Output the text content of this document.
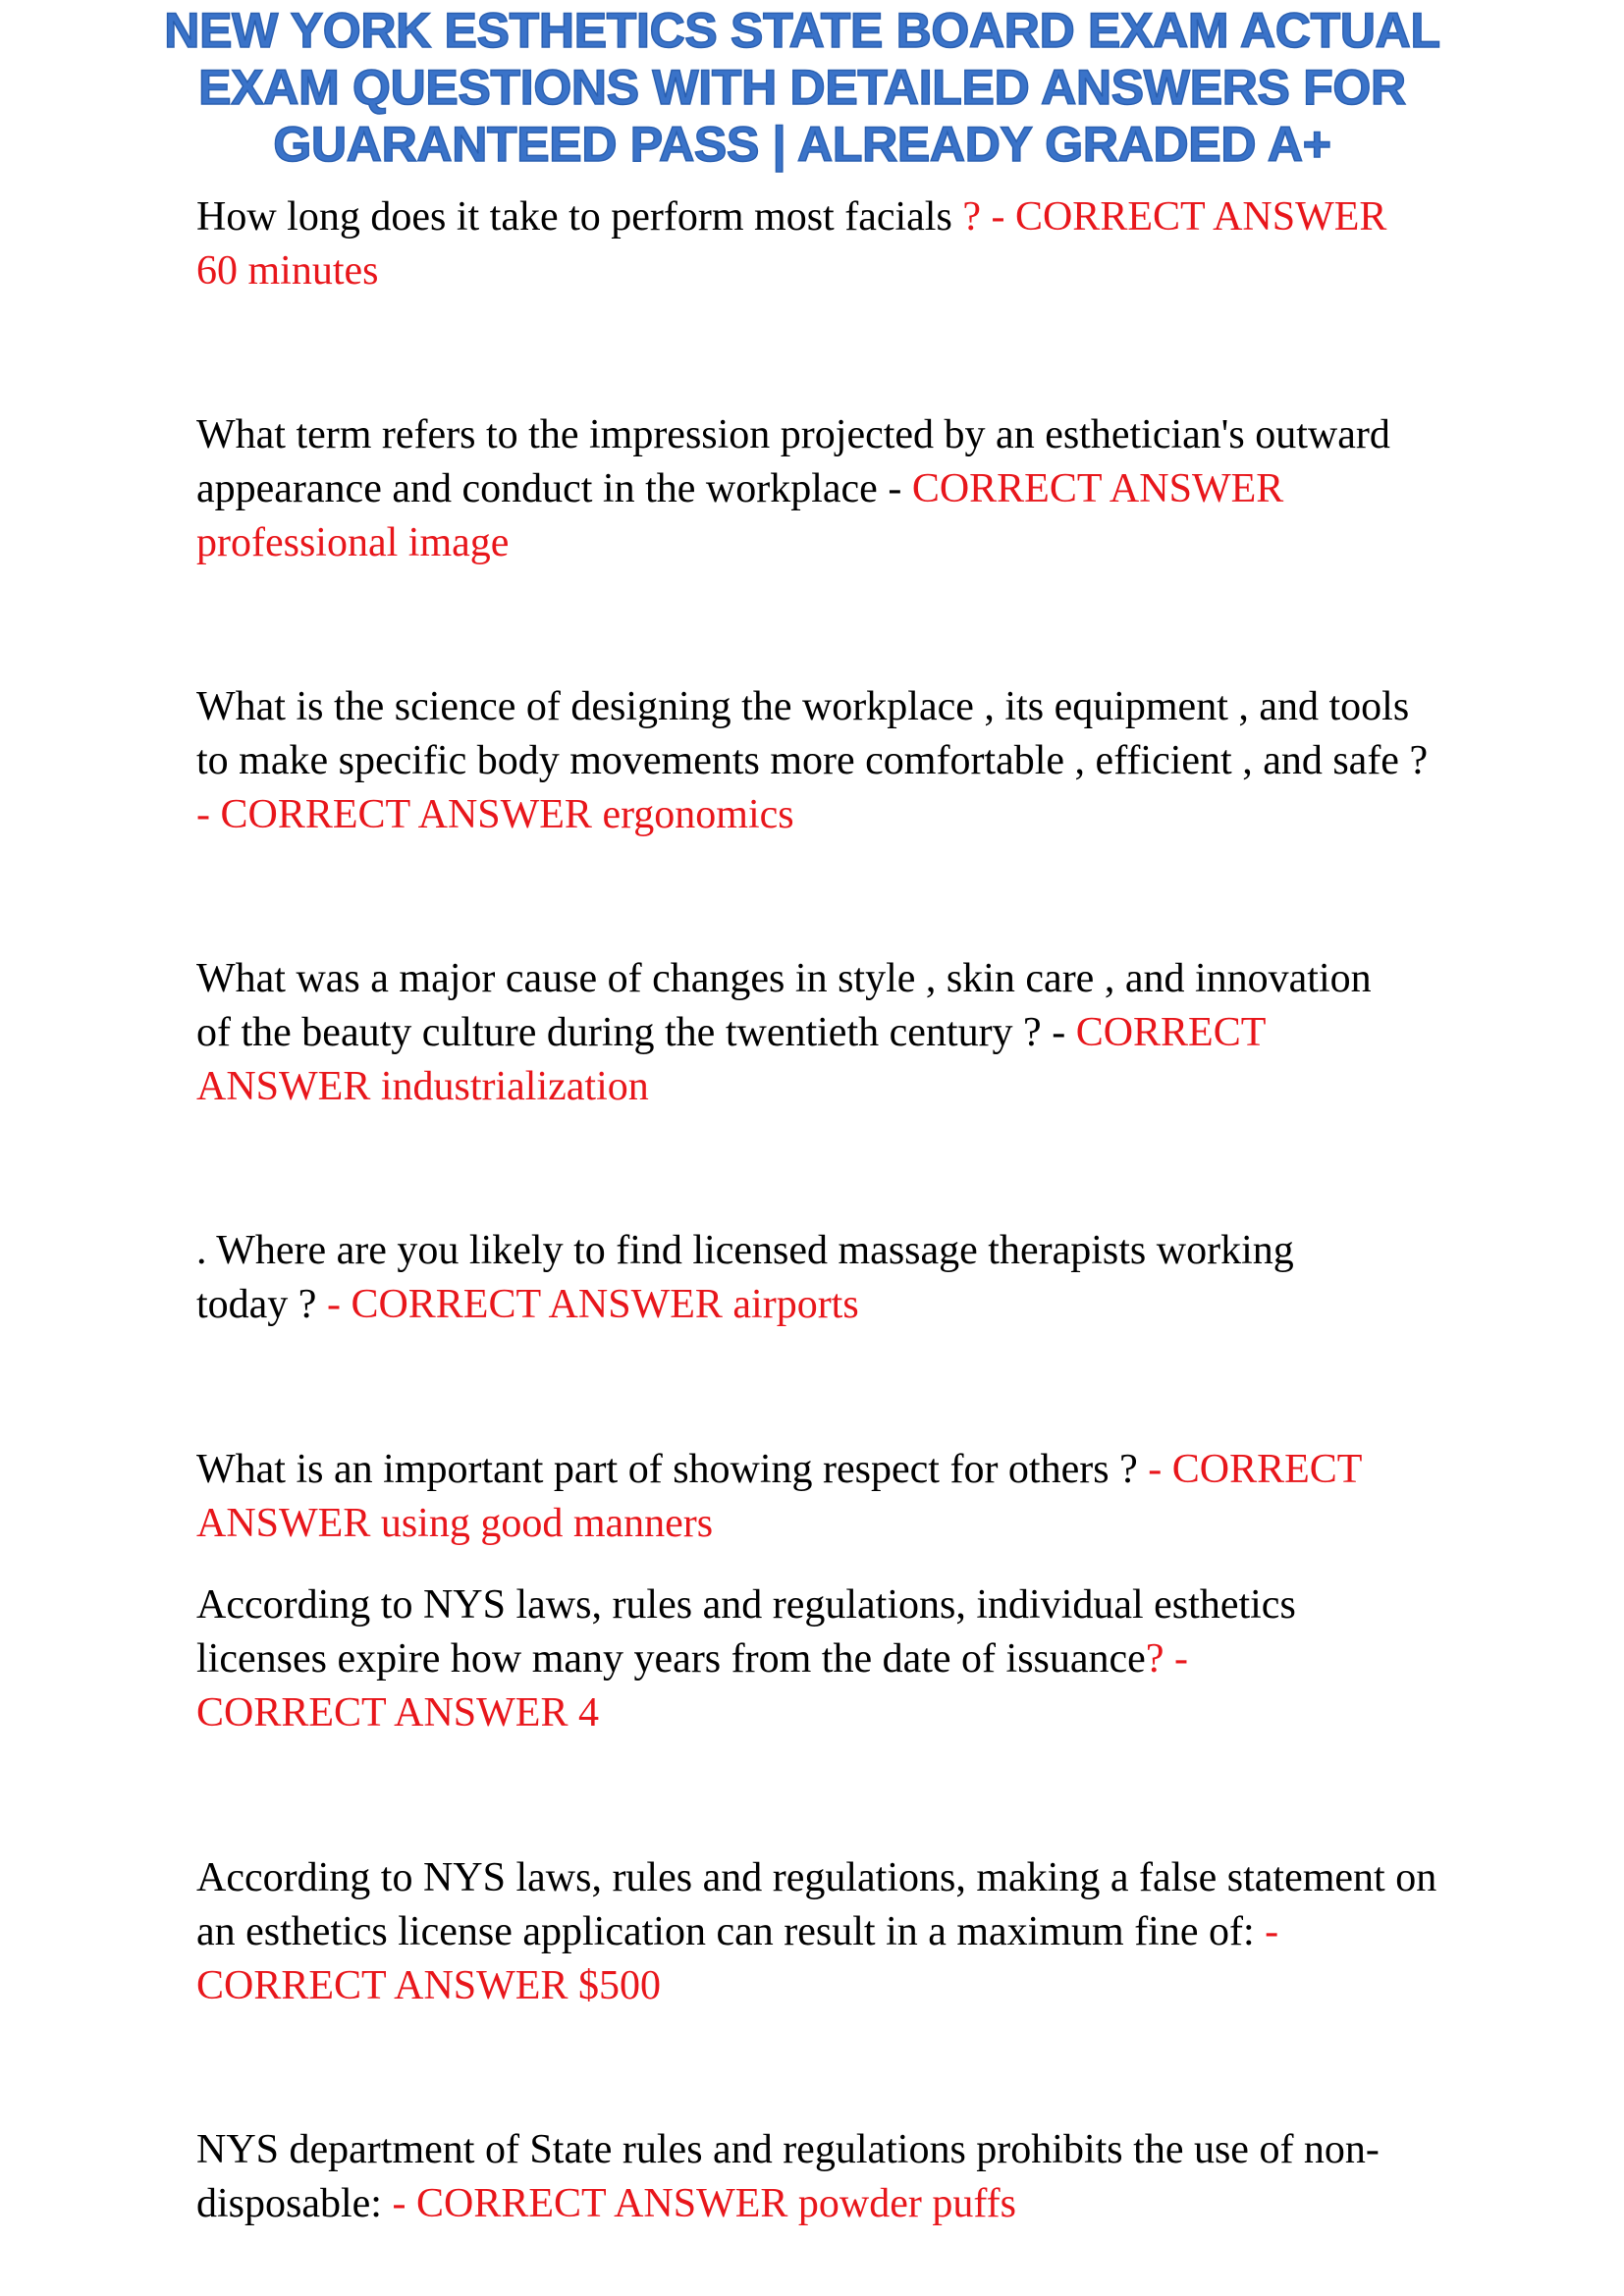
NEW YORK ESTHETICS STATE BOARD EXAM ACTUAL
EXAM QUESTIONS WITH DETAILED ANSWERS FOR
GUARANTEED PASS | ALREADY GRADED A+
How long does it take to perform most facials ? - CORRECT ANSWER
60 minutes
What term refers to the impression projected by an esthetician's outward
appearance and conduct in the workplace - CORRECT ANSWER
professional image
What is the science of designing the workplace , its equipment , and tools
to make specific body movements more comfortable , efficient , and safe ?
- CORRECT ANSWER ergonomics
What was a major cause of changes in style , skin care , and innovation
of the beauty culture during the twentieth century ? - CORRECT
ANSWER industrialization
. Where are you likely to find licensed massage therapists working
today ? - CORRECT ANSWER airports
What is an important part of showing respect for others ? - CORRECT
ANSWER using good manners
According to NYS laws, rules and regulations, individual esthetics
licenses expire how many years from the date of issuance? -
CORRECT ANSWER 4
According to NYS laws, rules and regulations, making a false statement on
an esthetics license application can result in a maximum fine of: -
CORRECT ANSWER $500
NYS department of State rules and regulations prohibits the use of non-
disposable: - CORRECT ANSWER powder puffs
